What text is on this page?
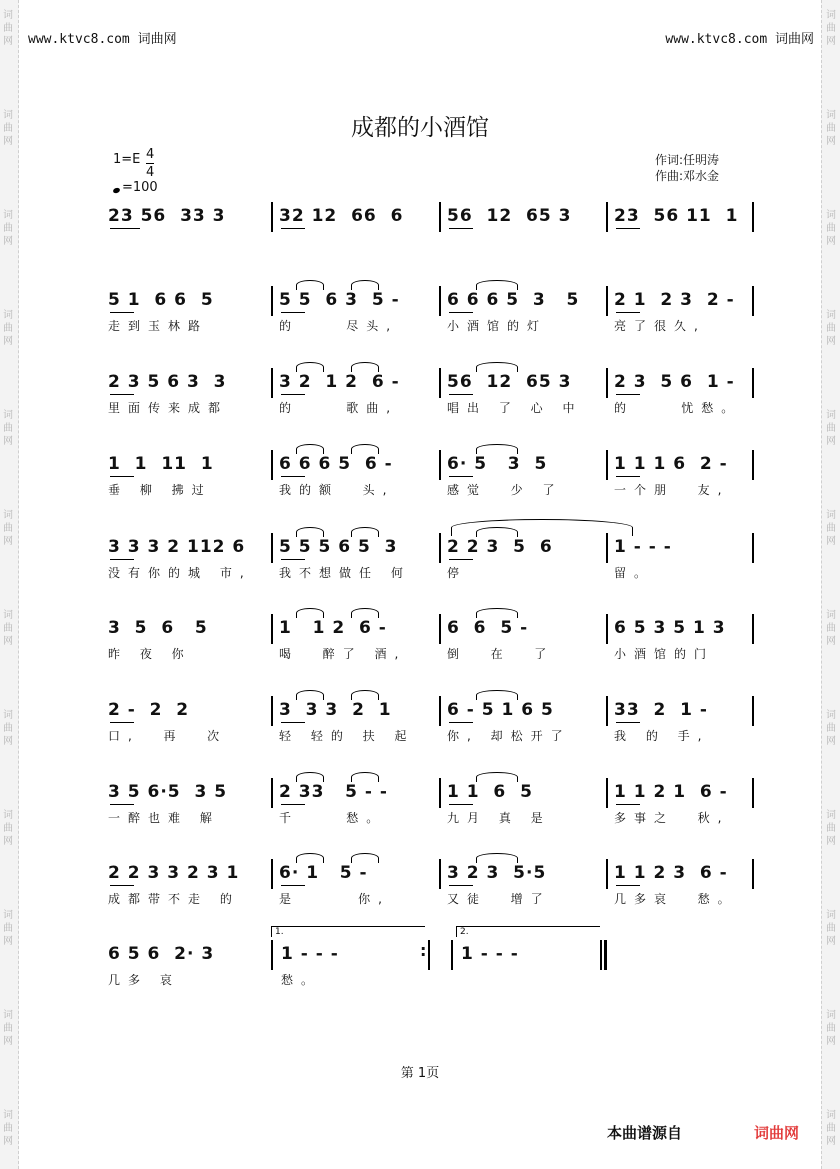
词
曲
网
词
曲
网
词
曲
网
词
曲
网
词
曲
网
词
曲
网
词
曲
网
词
曲
网
词
曲
网
词
曲
网
词
曲
网
词
曲
网
词
曲
网
词
曲
网
词
曲
网
词
曲
网
词
曲
网
词
曲
网
词
曲
网
词
曲
网
词
曲
网
词
曲
网
词
曲
网
词
曲
网
www.ktvc8.com 词曲网	www.ktvc8.com 词曲网
成都的小酒馆
1=E 4
4
=100
作词:任明涛
作曲:邓水金
23 56  33 3	32 12  66  6	56  12  65 3	23  56 11  1
5 1  6 6  5
走到玉林路
5 5  6 3  5 -
的    尽头,
6 6 6 5  3   5
小酒馆的灯
2 1  2 3  2 -
亮了很久,
2 3 5 6 3  3
里面传来成都
3 2  1 2  6 -
的    歌曲,
56  12  65 3
唱出 了 心 中
2 3  5 6  1 -
的    忧愁。
1  1  11  1
垂 柳 拂过
6 6 6 5  6 -
我的额  头,
6· 5   3  5
感觉  少 了
1 1 1 6  2 -
一个朋  友,
3 3 3 2 112 6
没有你的城 市,
5 5 5 6 5  3
我不想做任 何
2 2 3  5  6
停
1 - - -
留。
3  5  6   5
昨 夜 你
1   1 2  6 -
喝  醉了 酒,
6  6  5 -
倒  在  了
6 5 3 5 1 3
小酒馆的门
2 -  2  2
口,  再  次
3  3 3  2  1
轻 轻的 扶 起
6 - 5 1 6 5
你, 却松开了
33  2  1 -
我 的 手,
3 5 6·5  3 5
一醉也难 解
2 33   5 - -
千    愁。
1 1  6  5
九月 真 是
1 1 2 1  6 -
多事之  秋,
2 2 3 3 2 3 1
成都带不走 的
6· 1   5 -
是     你,
3 2 3  5·5
又徒  增了
1 1 2 3  6 -
几多哀  愁。
6 5 6  2· 3
几多 哀
1 - - -
愁。
1 - - -
:
1.	2.
第 1页
本曲谱源自	词曲网
